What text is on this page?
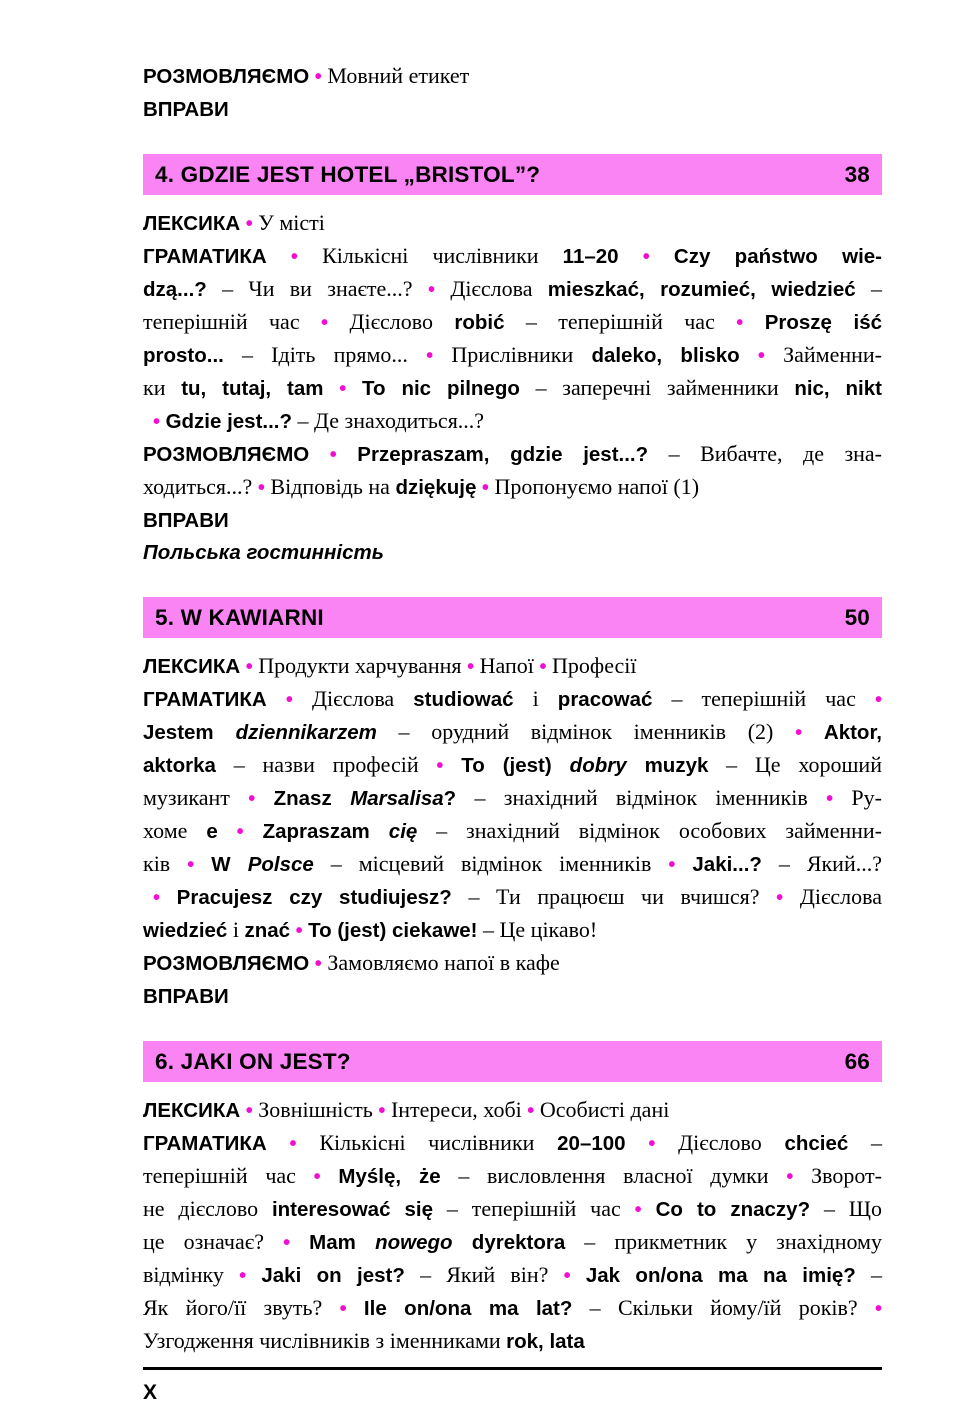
РОЗМОВЛЯЄМО • Мовний етикет
ВПРАВИ
4. GDZIE JEST HOTEL „BRISTOL”?	38
ЛЕКСИКА • У місті
ГРАМАТИКА • Кількісні числівники 11–20 • Czy państwo wie-
dzą...? – Чи ви знаєте...? • Дієслова mieszkać, rozumieć, wiedzieć –
теперішній час • Дієслово robić – теперішній час • Proszę iść
prosto... – Ідіть прямо... • Прислівники daleko, blisko • Займенни-
ки tu, tutaj, tam • To nic pilnego – заперечні займенники nic, nikt
• Gdzie jest...? – Де знаходиться...?
РОЗМОВЛЯЄМО • Przepraszam, gdzie jest...? – Вибачте, де зна-
ходиться...? • Відповідь на dziękuję • Пропонуємо напої (1)
ВПРАВИ
Польська гостинність
5. W KAWIARNI	50
ЛЕКСИКА • Продукти харчування • Напої • Професії
ГРАМАТИКА • Дієслова studiować і pracować – теперішній час •
Jestem dziennikarzem – орудний відмінок іменників (2) • Aktor,
aktorka – назви професій • To (jest) dobry muzyk – Це хороший
музикант • Znasz Marsalisa? – знахідний відмінок іменників • Ру-
хоме e • Zapraszam cię – знахідний відмінок особових займенни-
ків • W Polsce – місцевий відмінок іменників • Jaki...? – Який...?
• Pracujesz czy studiujesz? – Ти працюєш чи вчишся? • Дієслова
wiedzieć і znać • To (jest) ciekawe! – Це цікаво!
РОЗМОВЛЯЄМО • Замовляємо напої в кафе
ВПРАВИ
6. JAKI ON JEST?	66
ЛЕКСИКА • Зовнішність • Інтереси, хобі • Особисті дані
ГРАМАТИКА • Кількісні числівники 20–100 • Дієслово chcieć –
теперішній час • Myślę, że – висловлення власної думки • Зворот-
не дієслово interesować się – теперішній час • Co to znaczy? – Що
це означає? • Mam nowego dyrektora – прикметник у знахідному
відмінку • Jaki on jest? – Який він? • Jak on/ona ma na imię? –
Як його/її звуть? • Ile on/ona ma lat? – Скільки йому/їй років? •
Узгодження числівників з іменниками rok, lata
X
